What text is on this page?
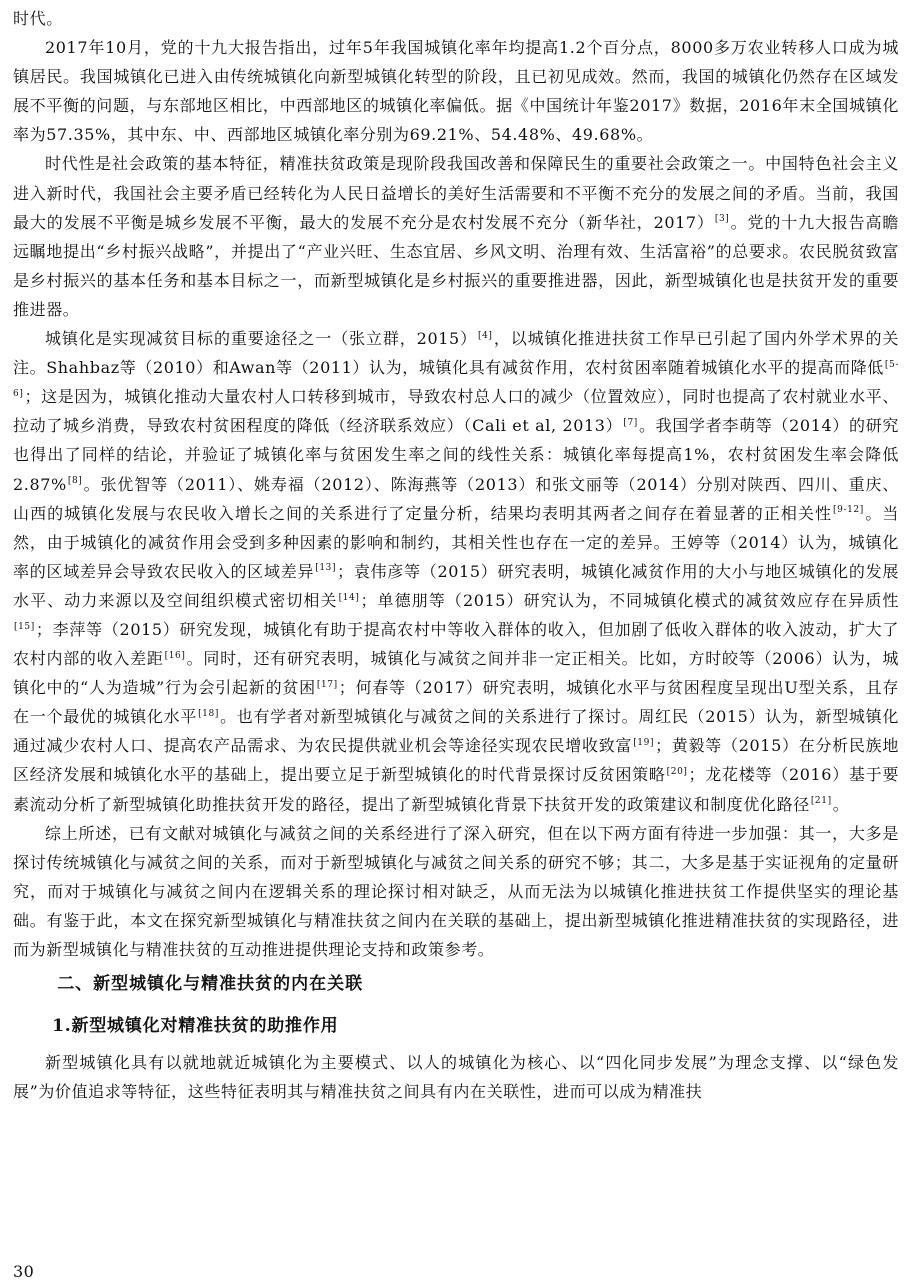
时代。

2017年10月，党的十九大报告指出，过年5年我国城镇化率年均提高1.2个百分点，8000多万农业转移人口成为城镇居民。我国城镇化已进入由传统城镇化向新型城镇化转型的阶段，且已初见成效。然而，我国的城镇化仍然存在区域发展不平衡的问题，与东部地区相比，中西部地区的城镇化率偏低。据《中国统计年鉴2017》数据，2016年末全国城镇化率为57.35%，其中东、中、西部地区城镇化率分别为69.21%、54.48%、49.68%。

时代性是社会政策的基本特征，精准扶贫政策是现阶段我国改善和保障民生的重要社会政策之一。中国特色社会主义进入新时代，我国社会主要矛盾已经转化为人民日益增长的美好生活需要和不平衡不充分的发展之间的矛盾。当前，我国最大的发展不平衡是城乡发展不平衡，最大的发展不充分是农村发展不充分（新华社，2017）[3]。党的十九大报告高瞻远瞩地提出“乡村振兴战略”，并提出了“产业兴旺、生态宜居、乡风文明、治理有效、生活富裕”的总要求。农民脱贫致富是乡村振兴的基本任务和基本目标之一，而新型城镇化是乡村振兴的重要推进器，因此，新型城镇化也是扶贫开发的重要推进器。

城镇化是实现减贫目标的重要途径之一（张立群，2015）[4]，以城镇化推进扶贫工作早已引起了国内外学术界的关注。Shahbaz等（2010）和Awan等（2011）认为，城镇化具有减贫作用，农村贫困率随着城镇化水平的提高而降低[5-6]；这是因为，城镇化推动大量农村人口转移到城市，导致农村总人口的减少（位置效应），同时也提高了农村就业水平、拉动了城乡消费，导致农村贫困程度的降低（经济联系效应）（Cali et al, 2013）[7]。我国学者李萌等（2014）的研究也得出了同样的结论，并验证了城镇化率与贫困发生率之间的线性关系：城镇化率每提高1%，农村贫困发生率会降低2.87%[8]。张优智等（2011）、姚寿福（2012）、陈海燕等（2013）和张文丽等（2014）分别对陕西、四川、重庆、山西的城镇化发展与农民收入增长之间的关系进行了定量分析，结果均表明其两者之间存在着显著的正相关性[9-12]。当然，由于城镇化的减贫作用会受到多种因素的影响和制约，其相关性也存在一定的差异。王婷等（2014）认为，城镇化率的区域差异会导致农民收入的区域差异[13]；袁伟彦等（2015）研究表明，城镇化减贫作用的大小与地区城镇化的发展水平、动力来源以及空间组织模式密切相关[14]；单德朋等（2015）研究认为，不同城镇化模式的减贫效应存在异质性[15]；李萍等（2015）研究发现，城镇化有助于提高农村中等收入群体的收入，但加剧了低收入群体的收入波动，扩大了农村内部的收入差距[16]。同时，还有研究表明，城镇化与减贫之间并非一定正相关。比如，方时皎等（2006）认为，城镇化中的“人为造城”行为会引起新的贫困[17]；何春等（2017）研究表明，城镇化水平与贫困程度呈现出U型关系，且存在一个最优的城镇化水平[18]。也有学者对新型城镇化与减贫之间的关系进行了探讨。周红民（2015）认为，新型城镇化通过减少农村人口、提高农产品需求、为农民提供就业机会等途径实现农民增收致富[19]；黄毅等（2015）在分析民族地区经济发展和城镇化水平的基础上，提出要立足于新型城镇化的时代背景探讨反贫困策略[20]；龙花楼等（2016）基于要素流动分析了新型城镇化助推扶贫开发的路径，提出了新型城镇化背景下扶贫开发的政策建议和制度优化路径[21]。

综上所述，已有文献对城镇化与减贫之间的关系经进行了深入研究，但在以下两方面有待进一步加强：其一，大多是探讨传统城镇化与减贫之间的关系，而对于新型城镇化与减贫之间关系的研究不够；其二，大多是基于实证视角的定量研究，而对于城镇化与减贫之间内在逻辑关系的理论探讨相对缺乏，从而无法为以城镇化推进扶贫工作提供坚实的理论基础。有鉴于此，本文在探究新型城镇化与精准扶贫之间内在关联的基础上，提出新型城镇化推进精准扶贫的实现路径，进而为新型城镇化与精准扶贫的互动推进提供理论支持和政策参考。

二、新型城镇化与精准扶贫的内在关联
1.新型城镇化对精准扶贫的助推作用

新型城镇化具有以就地就近城镇化为主要模式、以人的城镇化为核心、以“四化同步发展”为理念支撑、以“绿色发展”为价值追求等特征，这些特征表明其与精准扶贫之间具有内在关联性，进而可以成为精准扶

30
